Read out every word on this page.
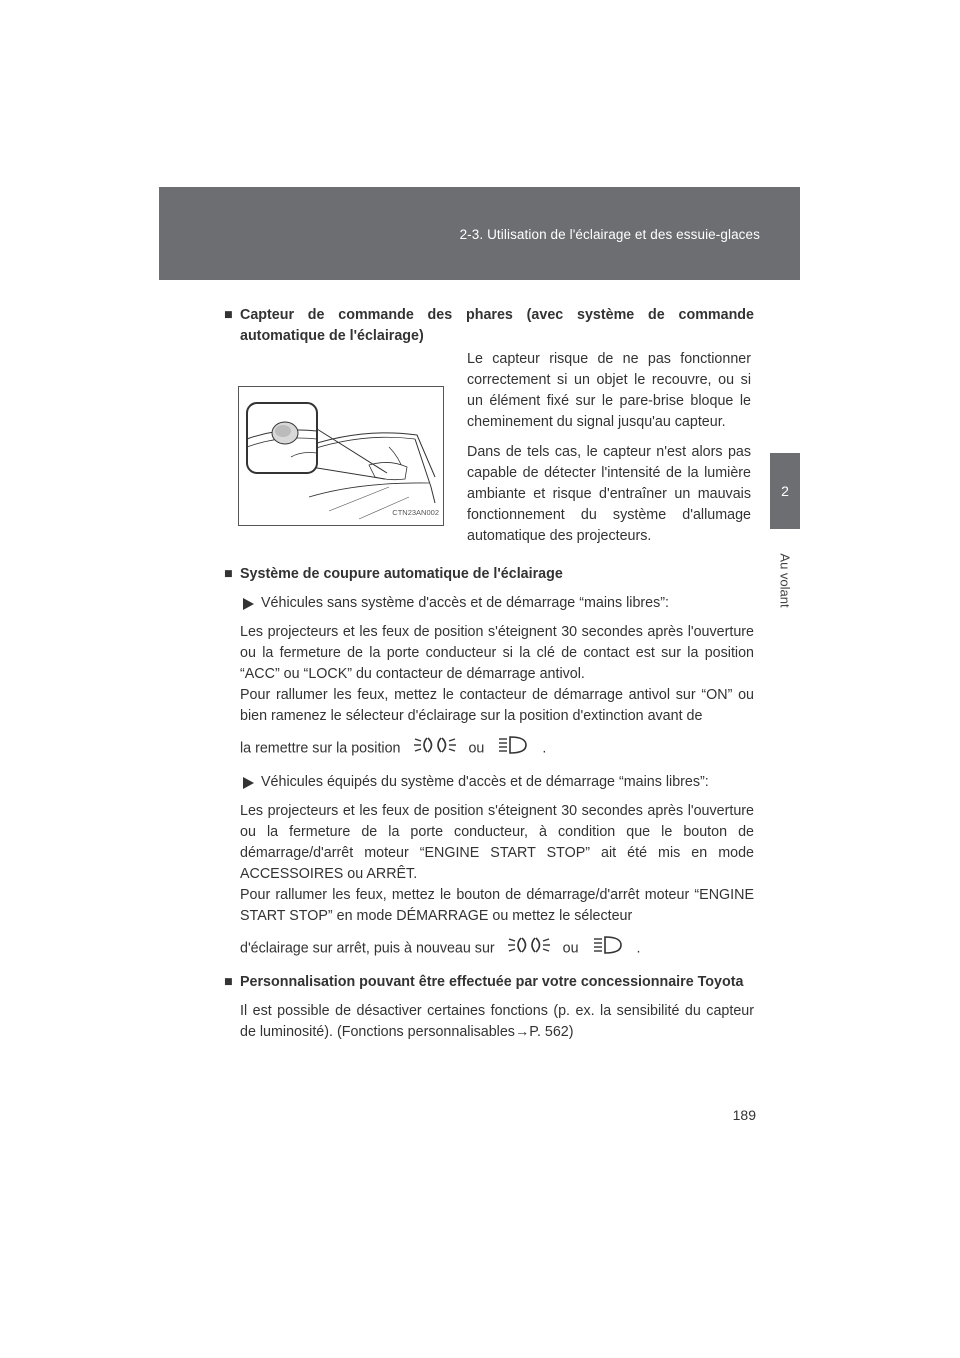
2-3. Utilisation de l'éclairage et des essuie-glaces
2
Au volant
■ Capteur de commande des phares (avec système de commande automatique de l'éclairage)
CTN23AN002

Le capteur risque de ne pas fonctionner correctement si un objet le recouvre, ou si un élément fixé sur le pare-brise bloque le cheminement du signal jusqu'au capteur.

Dans de tels cas, le capteur n'est alors pas capable de détecter l'intensité de la lumière ambiante et risque d'entraîner un mauvais fonctionnement du système d'allumage automatique des projecteurs.

■ Système de coupure automatique de l'éclairage
Véhicules sans système d'accès et de démarrage “mains libres”:

Les projecteurs et les feux de position s'éteignent 30 secondes après l'ouverture ou la fermeture de la porte conducteur si la clé de contact est sur la position “ACC” ou “LOCK” du contacteur de démarrage antivol.

Pour rallumer les feux, mettez le contacteur de démarrage antivol sur “ON” ou bien ramenez le sélecteur d'éclairage sur la position d'extinction avant de

la remettre sur la position	ou	.

Véhicules équipés du système d'accès et de démarrage “mains libres”:

Les projecteurs et les feux de position s'éteignent 30 secondes après l'ouverture ou la fermeture de la porte conducteur, à condition que le bouton de démarrage/d'arrêt moteur “ENGINE START STOP” ait été mis en mode ACCESSOIRES ou ARRÊT.

Pour rallumer les feux, mettez le bouton de démarrage/d'arrêt moteur “ENGINE START STOP” en mode DÉMARRAGE ou mettez le sélecteur

d'éclairage sur arrêt, puis à nouveau sur	ou	.

■ Personnalisation pouvant être effectuée par votre concessionnaire Toyota

Il est possible de désactiver certaines fonctions (p. ex. la sensibilité du capteur de luminosité). (Fonctions personnalisables→P. 562)

189
